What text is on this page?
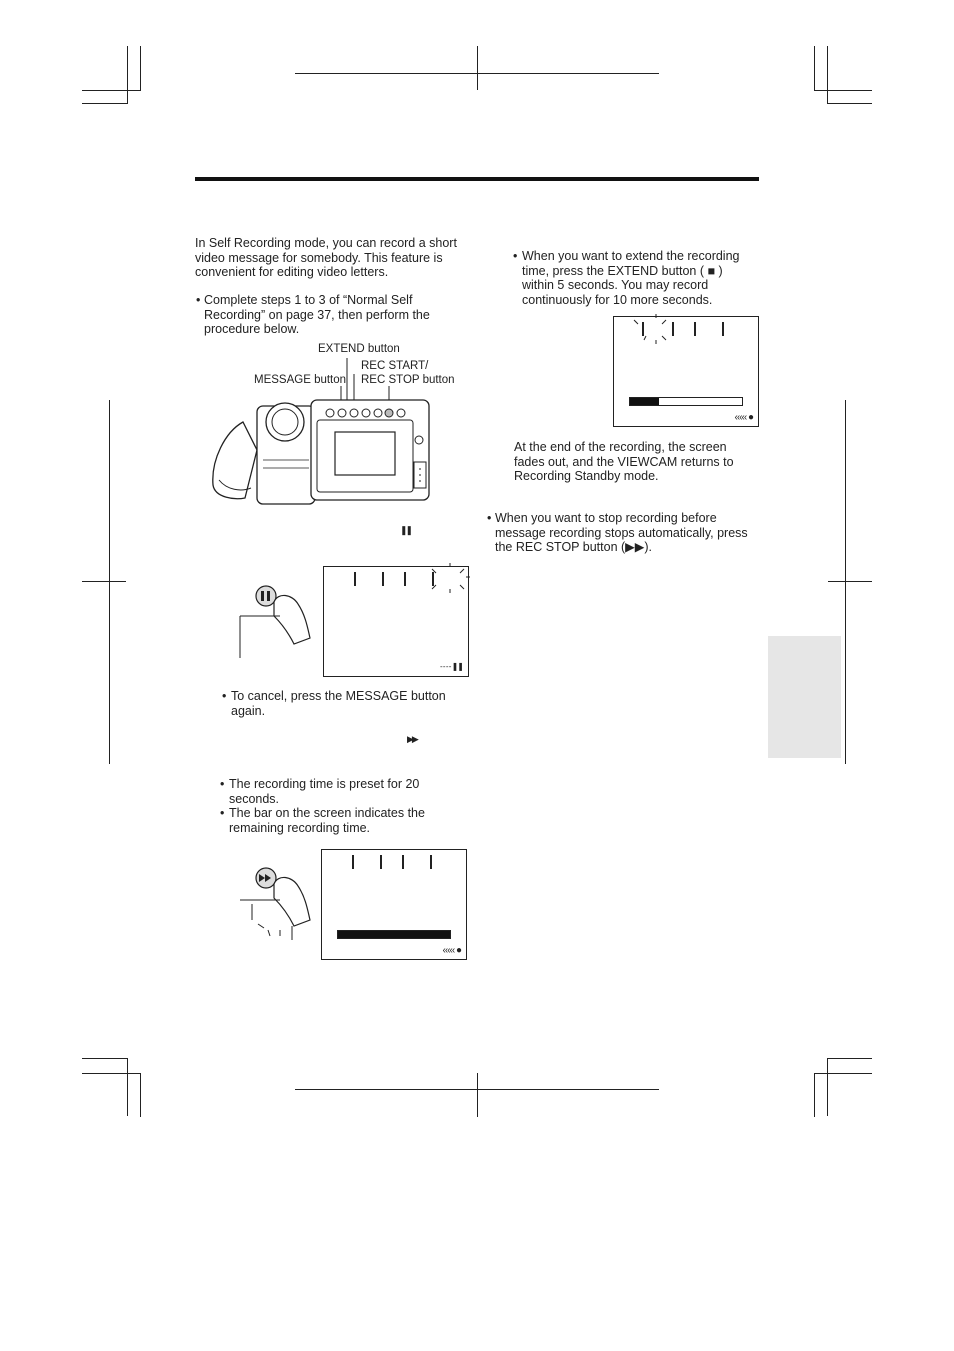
In Self Recording mode, you can record a short video message for somebody. This feature is convenient for editing video letters.
• Complete steps 1 to 3 of “Normal Self Recording” on page 37, then perform the procedure below.
EXTEND button
REC START/
REC STOP button
MESSAGE button
❚❚
- - - - ❚❚
• To cancel, press the MESSAGE button again.
▶▶
• The recording time is preset for 20 seconds.
• The bar on the screen indicates the remaining recording time.
‹‹‹‹‹ ●
• When you want to extend the recording time, press the EXTEND button ( ■ ) within 5 seconds. You may record continuously for 10 more seconds.
‹‹‹‹‹ ●
At the end of the recording, the screen fades out, and the VIEWCAM returns to Recording Standby mode.
• When you want to stop recording before message recording stops automatically, press the REC STOP button (▶▶).
